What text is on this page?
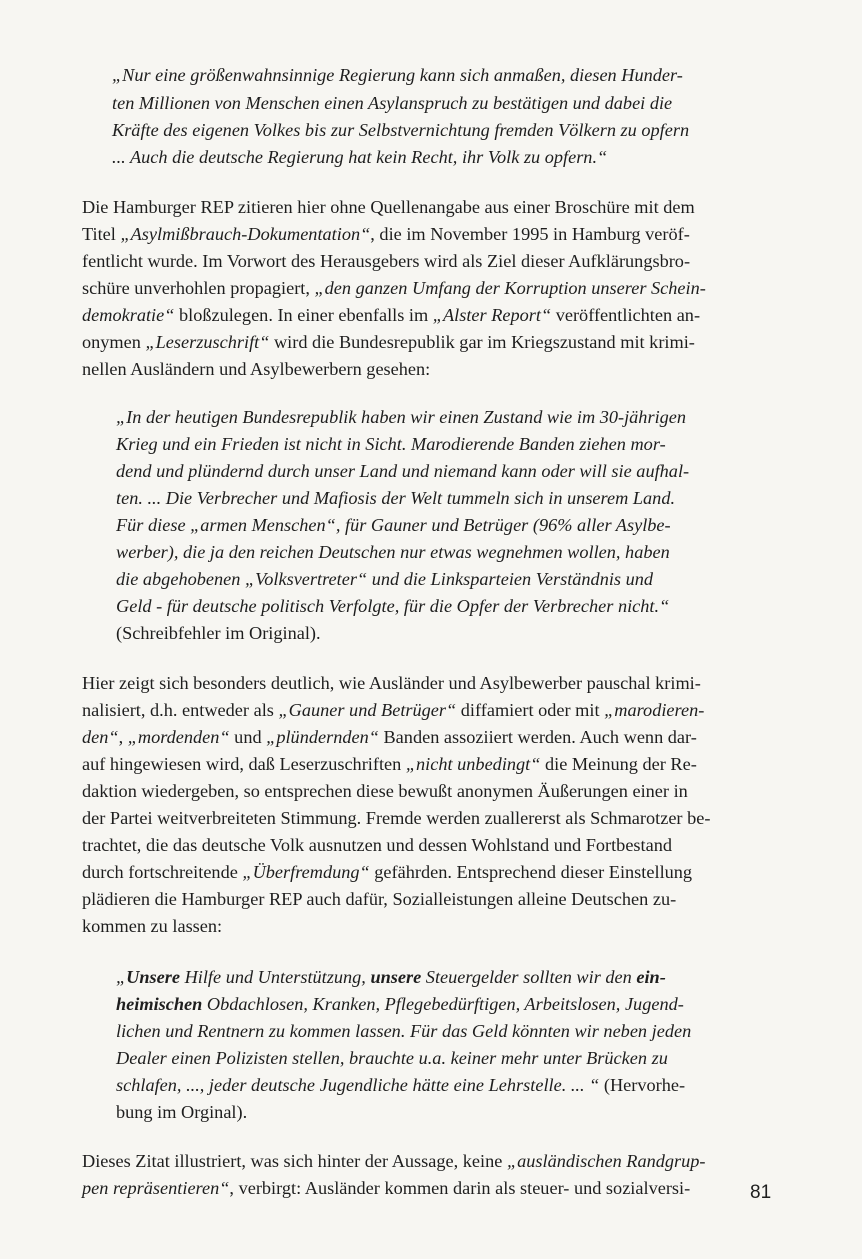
„Nur eine größenwahnsinnige Regierung kann sich anmaßen, diesen Hunder-
ten Millionen von Menschen einen Asylanspruch zu bestätigen und dabei die
Kräfte des eigenen Volkes bis zur Selbstvernichtung fremden Völkern zu opfern
... Auch die deutsche Regierung hat kein Recht, ihr Volk zu opfern.“
Die Hamburger REP zitieren hier ohne Quellenangabe aus einer Broschüre mit dem
Titel „Asylmißbrauch-Dokumentation“, die im November 1995 in Hamburg veröf-
fentlicht wurde. Im Vorwort des Herausgebers wird als Ziel dieser Aufklärungsbro-
schüre unverhohlen propagiert, „den ganzen Umfang der Korruption unserer Schein-
demokratie“ bloßzulegen. In einer ebenfalls im „Alster Report“ veröffentlichten an-
onymen „Leserzuschrift“ wird die Bundesrepublik gar im Kriegszustand mit krimi-
nellen Ausländern und Asylbewerbern gesehen:
„In der heutigen Bundesrepublik haben wir einen Zustand wie im 30-jährigen
Krieg und ein Frieden ist nicht in Sicht. Marodierende Banden ziehen mor-
dend und plündernd durch unser Land und niemand kann oder will sie aufhal-
ten. ... Die Verbrecher und Mafiosis der Welt tummeln sich in unserem Land.
Für diese „armen Menschen“, für Gauner und Betrüger (96% aller Asylbe-
werber), die ja den reichen Deutschen nur etwas wegnehmen wollen, haben
die abgehobenen „Volksvertreter“ und die Linksparteien Verständnis und
Geld - für deutsche politisch Verfolgte, für die Opfer der Verbrecher nicht.“
(Schreibfehler im Original).
Hier zeigt sich besonders deutlich, wie Ausländer und Asylbewerber pauschal krimi-
nalisiert, d.h. entweder als „Gauner und Betrüger“ diffamiert oder mit „marodieren-
den“, „mordenden“ und „plündernden“ Banden assoziiert werden. Auch wenn dar-
auf hingewiesen wird, daß Leserzuschriften „nicht unbedingt“ die Meinung der Re-
daktion wiedergeben, so entsprechen diese bewußt anonymen Äußerungen einer in
der Partei weitverbreiteten Stimmung. Fremde werden zuallererst als Schmarotzer be-
trachtet, die das deutsche Volk ausnutzen und dessen Wohlstand und Fortbestand
durch fortschreitende „Überfremdung“ gefährden. Entsprechend dieser Einstellung
plädieren die Hamburger REP auch dafür, Sozialleistungen alleine Deutschen zu-
kommen zu lassen:
„Unsere Hilfe und Unterstützung, unsere Steuergelder sollten wir den ein-
heimischen Obdachlosen, Kranken, Pflegebedürftigen, Arbeitslosen, Jugend-
lichen und Rentnern zu kommen lassen. Für das Geld könnten wir neben jeden
Dealer einen Polizisten stellen, brauchte u.a. keiner mehr unter Brücken zu
schlafen, ..., jeder deutsche Jugendliche hätte eine Lehrstelle. ... “ (Hervorhe-
bung im Orginal).
Dieses Zitat illustriert, was sich hinter der Aussage, keine „ausländischen Randgrup-
pen repräsentieren“, verbirgt: Ausländer kommen darin als steuer- und sozialversi-	81
